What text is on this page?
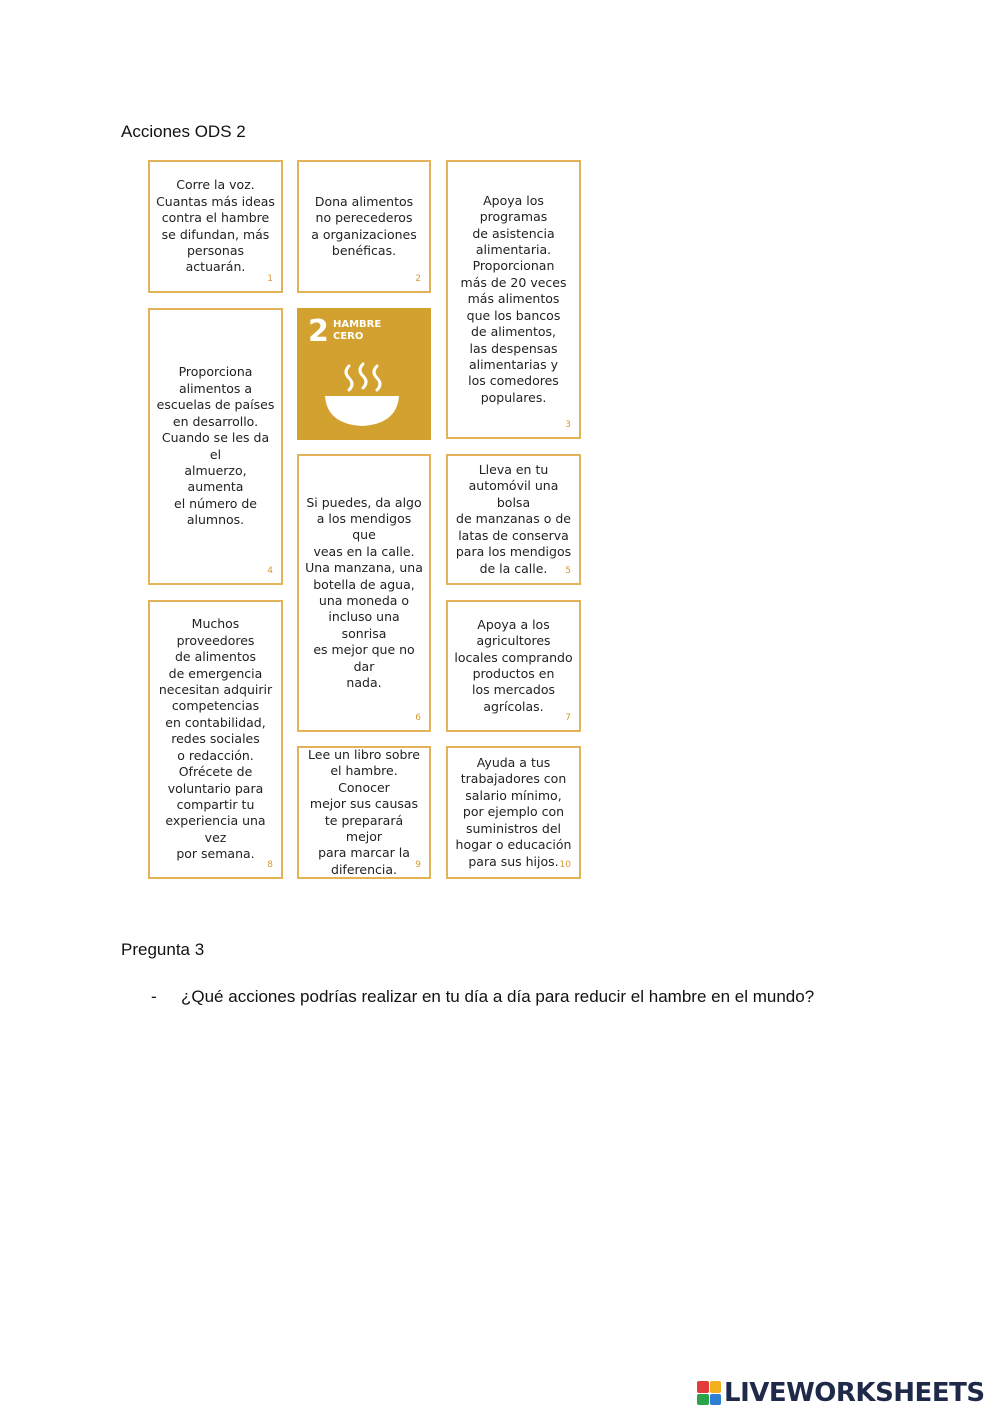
Acciones ODS 2
Corre la voz.
Cuantas más ideas
contra el hambre
se difundan, más
personas actuarán.
1
Dona alimentos
no perecederos
a organizaciones
benéficas.
2
Apoya los
programas
de asistencia
alimentaria.
Proporcionan
más de 20 veces
más alimentos
que los bancos
de alimentos,
las despensas
alimentarias y
los comedores
populares.
3
2 HAMBRE
CERO
Proporciona
alimentos a
escuelas de países
en desarrollo.
Cuando se les da el
almuerzo, aumenta
el número de
alumnos.
4
Lleva en tu
automóvil una bolsa
de manzanas o de
latas de conserva
para los mendigos
de la calle.	5
Si puedes, da algo
a los mendigos que
veas en la calle.
Una manzana, una
botella de agua,
una moneda o
incluso una sonrisa
es mejor que no dar
nada.
6
Apoya a los
agricultores
locales comprando
productos en
los mercados
agrícolas.
7
Muchos
proveedores
de alimentos
de emergencia
necesitan adquirir
competencias
en contabilidad,
redes sociales
o redacción.
Ofrécete de
voluntario para
compartir tu
experiencia una vez
por semana.
8
Lee un libro sobre
el hambre. Conocer
mejor sus causas
te preparará mejor
para marcar la
diferencia.	9
Ayuda a tus
trabajadores con
salario mínimo,
por ejemplo con
suministros del
hogar o educación
para sus hijos. 10
Pregunta 3
- ¿Qué acciones podrías realizar en tu día a día para reducir el hambre en el mundo?
LIVEWORKSHEETS
